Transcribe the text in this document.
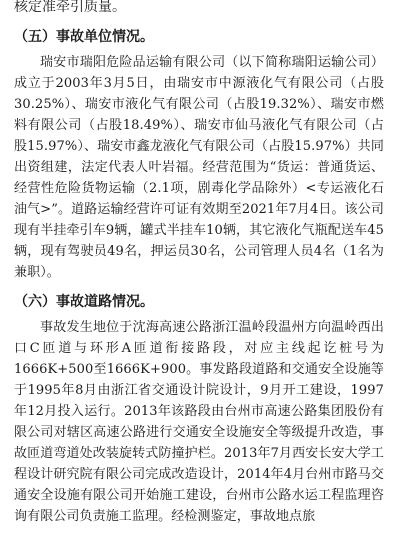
核定准牵引质量。

（五）事故单位情况。

瑞安市瑞阳危险品运输有限公司（以下简称瑞阳运输公司）成立于2003年3月5日，由瑞安市中源液化气有限公司（占股30.25%）、瑞安市液化气有限公司（占股19.32%）、瑞安市燃料有限公司（占股18.49%）、瑞安市仙马液化气有限公司（占股15.97%）、瑞安市鑫龙液化气有限公司（占股15.97%）共同出资组建，法定代表人叶岩福。经营范围为“货运：普通货运、经营性危险货物运输（2.1项，剧毒化学品除外）<专运液化石油气>”。道路运输经营许可证有效期至2021年7月4日。该公司现有半挂牵引车9辆，罐式半挂车10辆，其它液化气瓶配送车45辆，现有驾驶员49名，押运员30名，公司管理人员4名（1名为兼职）。

（六）事故道路情况。

事故发生地位于沈海高速公路浙江温岭段温州方向温岭西出口C匝道与环形A匝道衔接路段，对应主线起讫桩号为1666K+500至1666K+900。事发路段道路和交通安全设施等于1995年8月由浙江省交通设计院设计，9月开工建设，1997年12月投入运行。2013年该路段由台州市高速公路集团股份有限公司对辖区高速公路进行交通安全设施安全等级提升改造，事故匝道弯道处改装旋转式防撞护栏。2013年7月西安长安大学工程设计研究院有限公司完成改造设计，2014年4月台州市路马交通安全设施有限公司开始施工建设，台州市公路水运工程监理咨询有限公司负责施工监理。经检测鉴定，事故地点旅
